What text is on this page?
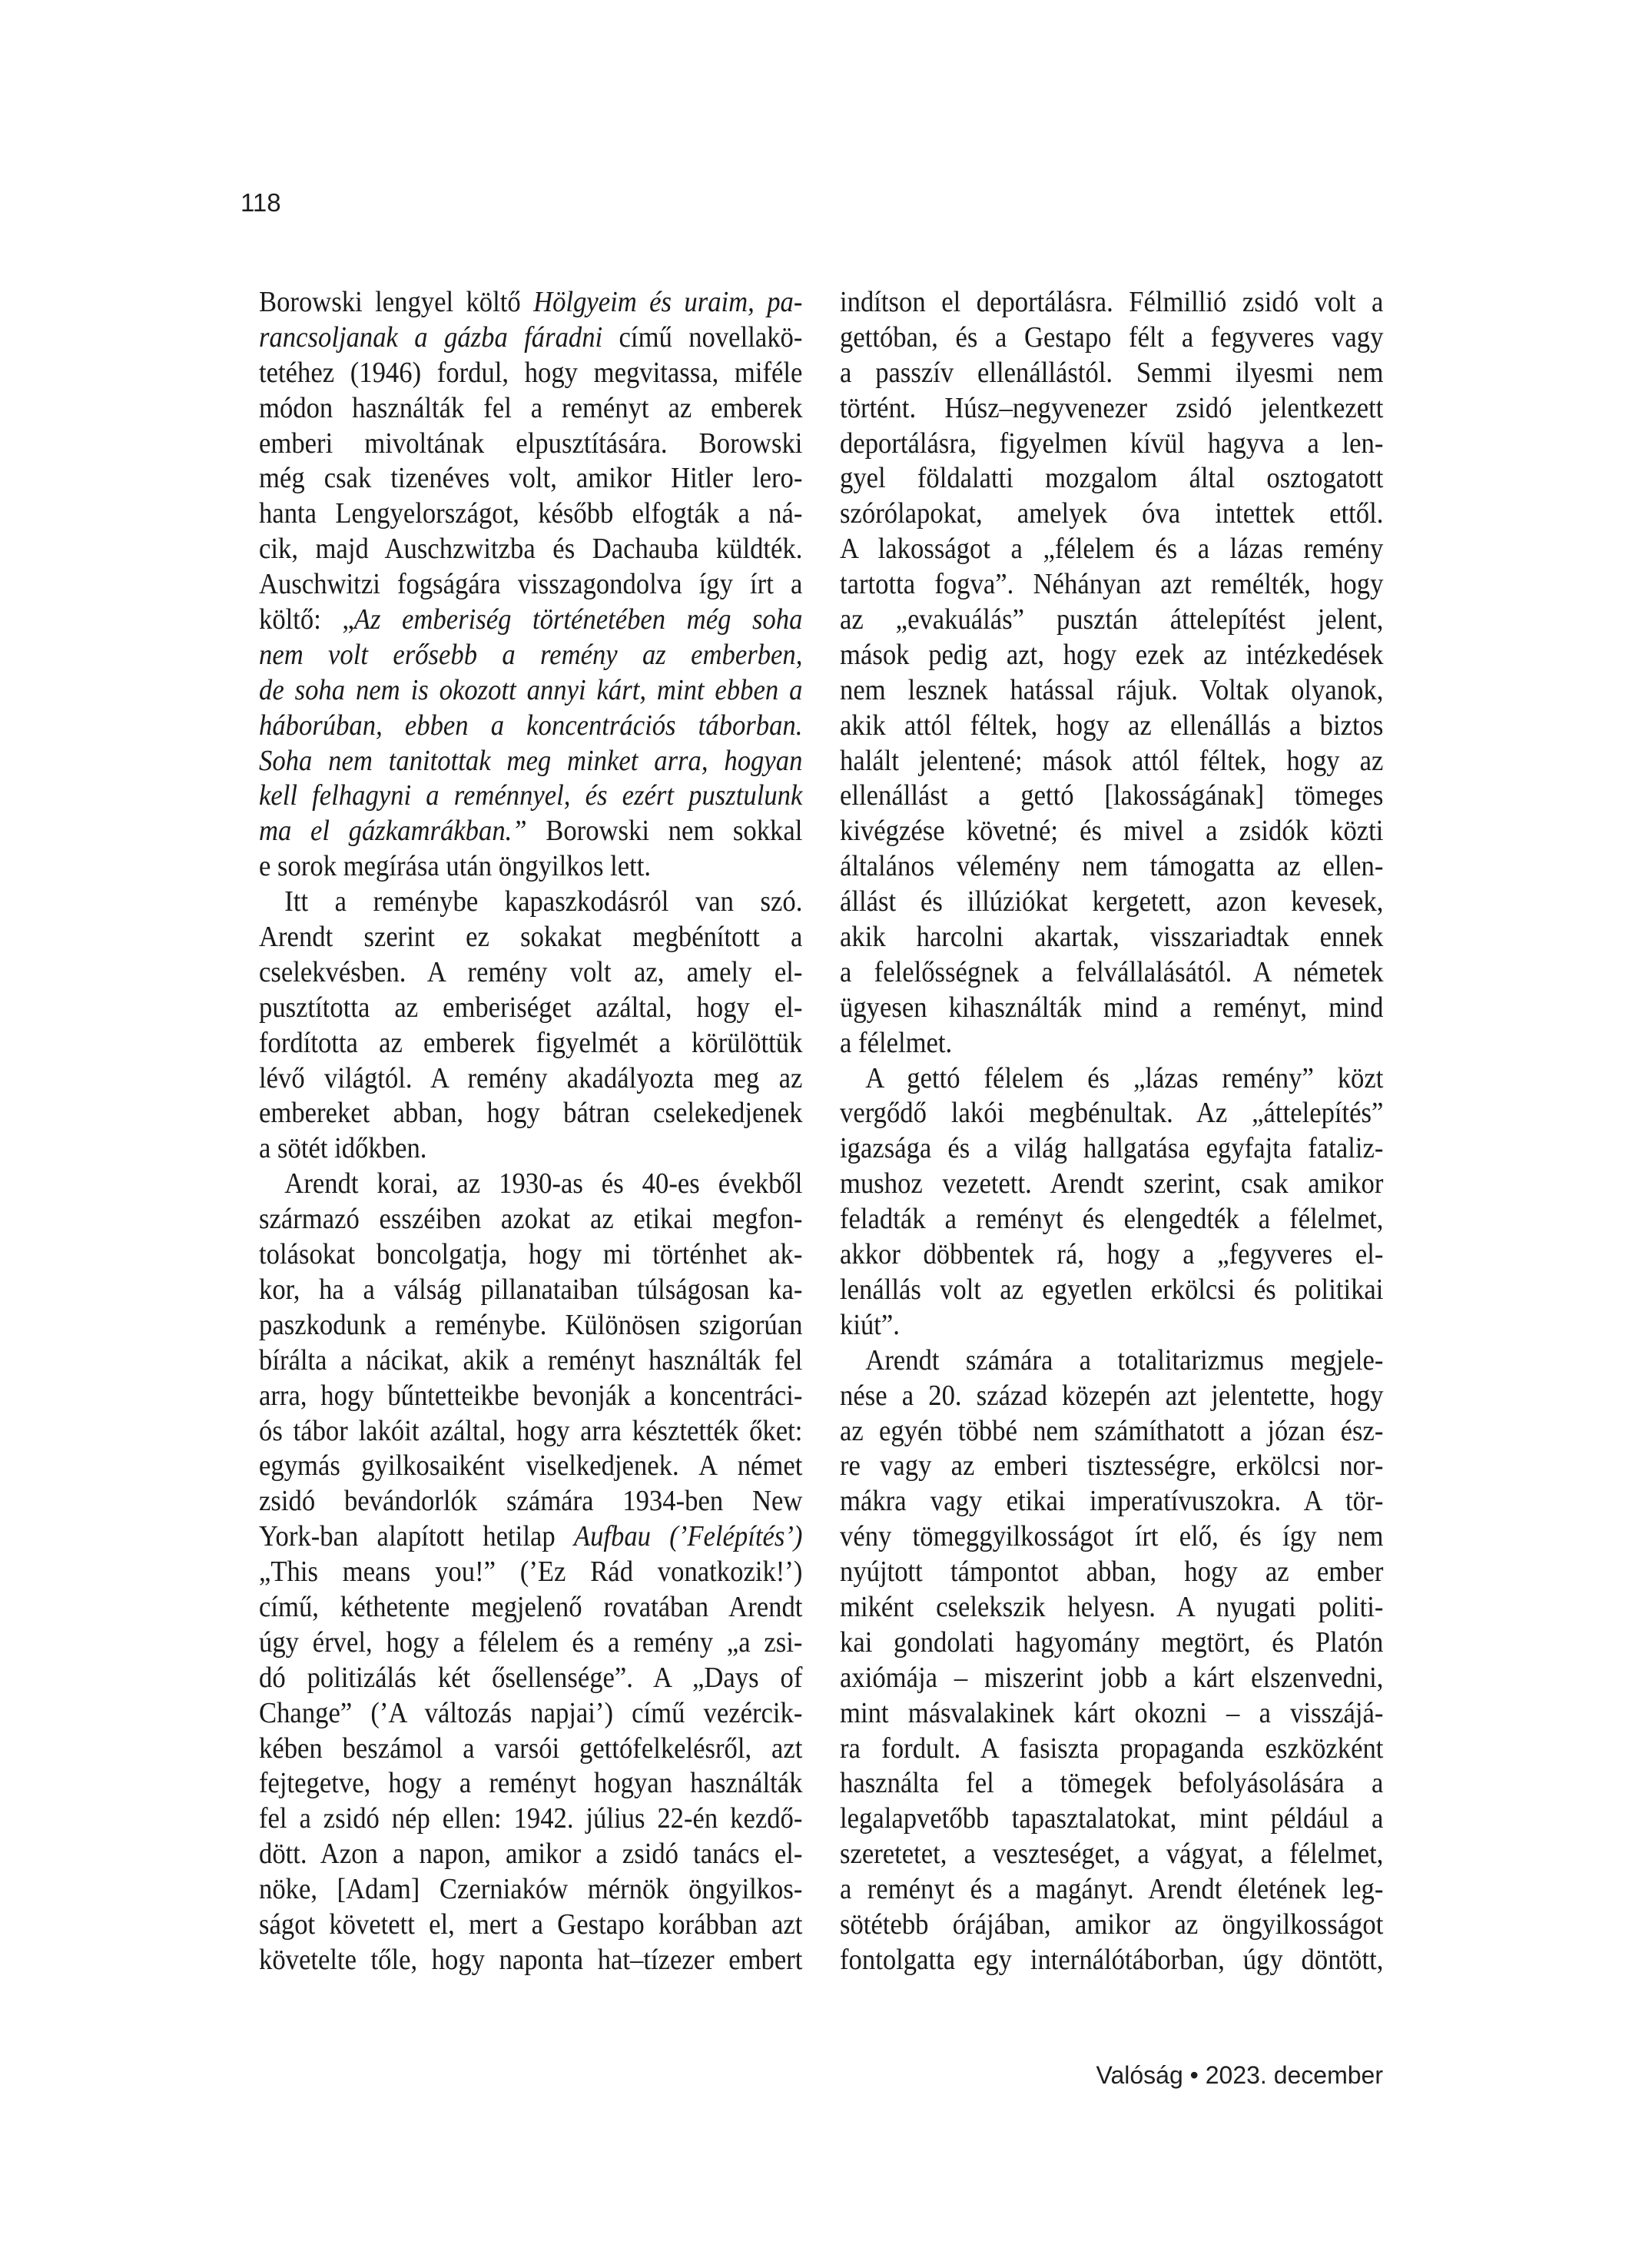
118
Borowski lengyel költő Hölgyeim és uraim, pa-
rancsoljanak a gázba fáradni című novellakö-
tetéhez (1946) fordul, hogy megvitassa, miféle
módon használták fel a reményt az emberek
emberi mivoltának elpusztítására. Borowski
még csak tizenéves volt, amikor Hitler lero-
hanta Lengyelországot, később elfogták a ná-
cik, majd Auschzwitzba és Dachauba küldték.
Auschwitzi fogságára visszagondolva így írt a
költő: „Az emberiség történetében még soha
nem volt erősebb a remény az emberben,
de soha nem is okozott annyi kárt, mint ebben a
háborúban, ebben a koncentrációs táborban.
Soha nem tanitottak meg minket arra, hogyan
kell felhagyni a reménnyel, és ezért pusztulunk
ma el gázkamrákban.” Borowski nem sokkal
e sorok megírása után öngyilkos lett.
Itt a reménybe kapaszkodásról van szó.
Arendt szerint ez sokakat megbénított a
cselekvésben. A remény volt az, amely el-
pusztította az emberiséget azáltal, hogy el-
fordította az emberek figyelmét a körülöttük
lévő világtól. A remény akadályozta meg az
embereket abban, hogy bátran cselekedjenek
a sötét időkben.
Arendt korai, az 1930-as és 40-es évekből
származó esszéiben azokat az etikai megfon-
tolásokat boncolgatja, hogy mi történhet ak-
kor, ha a válság pillanataiban túlságosan ka-
paszkodunk a reménybe. Különösen szigorúan
bírálta a nácikat, akik a reményt használták fel
arra, hogy bűntetteikbe bevonják a koncentráci-
ós tábor lakóit azáltal, hogy arra késztették őket:
egymás gyilkosaiként viselkedjenek. A német
zsidó bevándorlók számára 1934-ben New
York-ban alapított hetilap Aufbau (’Felépítés’)
„This means you!” (’Ez Rád vonatkozik!’)
című, kéthetente megjelenő rovatában Arendt
úgy érvel, hogy a félelem és a remény „a zsi-
dó politizálás két ősellensége”. A „Days of
Change” (’A változás napjai’) című vezércik-
kében beszámol a varsói gettófelkelésről, azt
fejtegetve, hogy a reményt hogyan használták
fel a zsidó nép ellen: 1942. július 22-én kezdő-
dött. Azon a napon, amikor a zsidó tanács el-
nöke, [Adam] Czerniaków mérnök öngyilkos-
ságot követett el, mert a Gestapo korábban azt
követelte tőle, hogy naponta hat–tízezer embert
indítson el deportálásra. Félmillió zsidó volt a
gettóban, és a Gestapo félt a fegyveres vagy
a passzív ellenállástól. Semmi ilyesmi nem
történt. Húsz–negyvenezer zsidó jelentkezett
deportálásra, figyelmen kívül hagyva a len-
gyel földalatti mozgalom által osztogatott
szórólapokat, amelyek óva intettek ettől.
A lakosságot a „félelem és a lázas remény
tartotta fogva”. Néhányan azt remélték, hogy
az „evakuálás” pusztán áttelepítést jelent,
mások pedig azt, hogy ezek az intézkedések
nem lesznek hatással rájuk. Voltak olyanok,
akik attól féltek, hogy az ellenállás a biztos
halált jelentené; mások attól féltek, hogy az
ellenállást a gettó [lakosságának] tömeges
kivégzése követné; és mivel a zsidók közti
általános vélemény nem támogatta az ellen-
állást és illúziókat kergetett, azon kevesek,
akik harcolni akartak, visszariadtak ennek
a felelősségnek a felvállalásától. A németek
ügyesen kihasználták mind a reményt, mind
a félelmet.
A gettó félelem és „lázas remény” közt
vergődő lakói megbénultak. Az „áttelepítés”
igazsága és a világ hallgatása egyfajta fataliz-
mushoz vezetett. Arendt szerint, csak amikor
feladták a reményt és elengedték a félelmet,
akkor döbbentek rá, hogy a „fegyveres el-
lenállás volt az egyetlen erkölcsi és politikai
kiút”.
Arendt számára a totalitarizmus megjele-
nése a 20. század közepén azt jelentette, hogy
az egyén többé nem számíthatott a józan ész-
re vagy az emberi tisztességre, erkölcsi nor-
mákra vagy etikai imperatívuszokra. A tör-
vény tömeggyilkosságot írt elő, és így nem
nyújtott támpontot abban, hogy az ember
miként cselekszik helyesn. A nyugati politi-
kai gondolati hagyomány megtört, és Platón
axiómája – miszerint jobb a kárt elszenvedni,
mint másvalakinek kárt okozni – a visszájá-
ra fordult. A fasiszta propaganda eszközként
használta fel a tömegek befolyásolására a
legalapvetőbb tapasztalatokat, mint például a
szeretetet, a veszteséget, a vágyat, a félelmet,
a reményt és a magányt. Arendt életének leg-
sötétebb órájában, amikor az öngyilkosságot
fontolgatta egy internálótáborban, úgy döntött,
Valóság • 2023. december
